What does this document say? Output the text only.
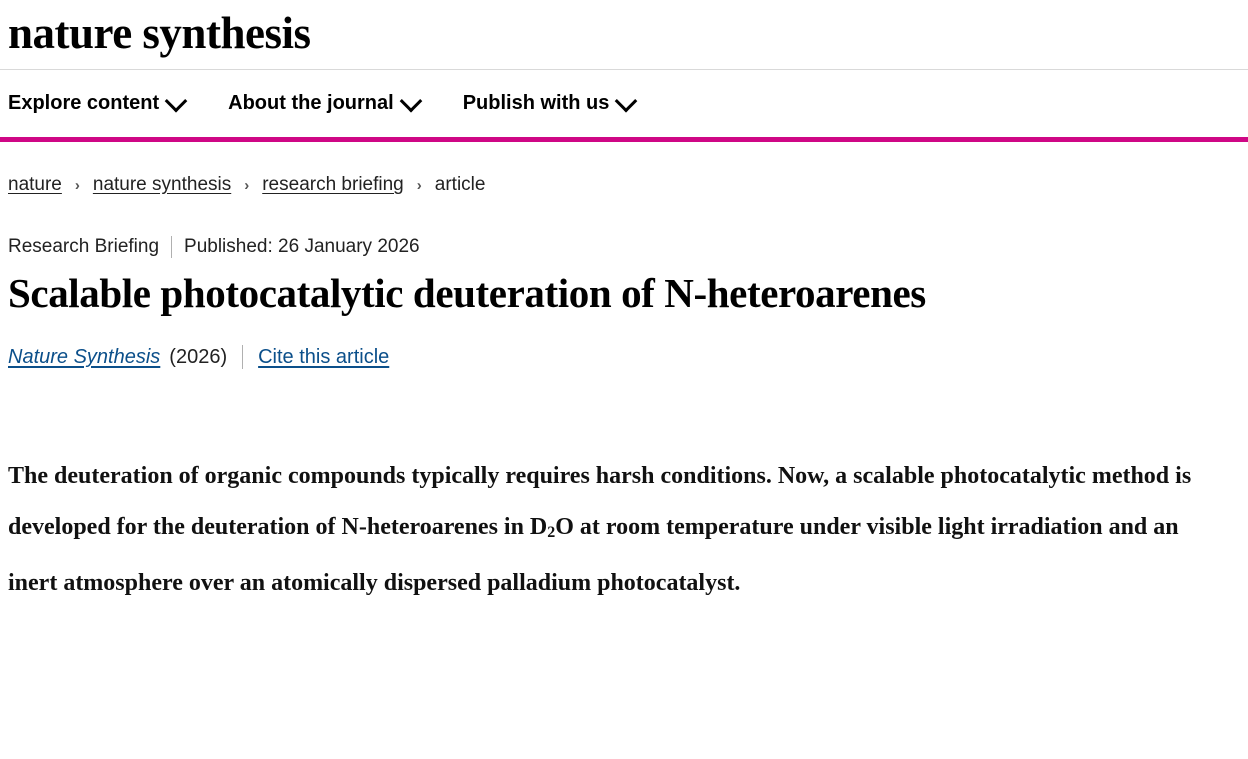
nature synthesis
Explore content	About the journal	Publish with us
nature › nature synthesis › research briefing › article
Research Briefing Published: 26 January 2026
Scalable photocatalytic deuteration of N-heteroarenes
Nature Synthesis (2026) Cite this article

The deuteration of organic compounds typically requires harsh conditions. Now, a scalable photocatalytic method is developed for the deuteration of N-heteroarenes in $D_2O$ at room temperature under visible light irradiation and an inert atmosphere over an atomically dispersed palladium photocatalyst.
